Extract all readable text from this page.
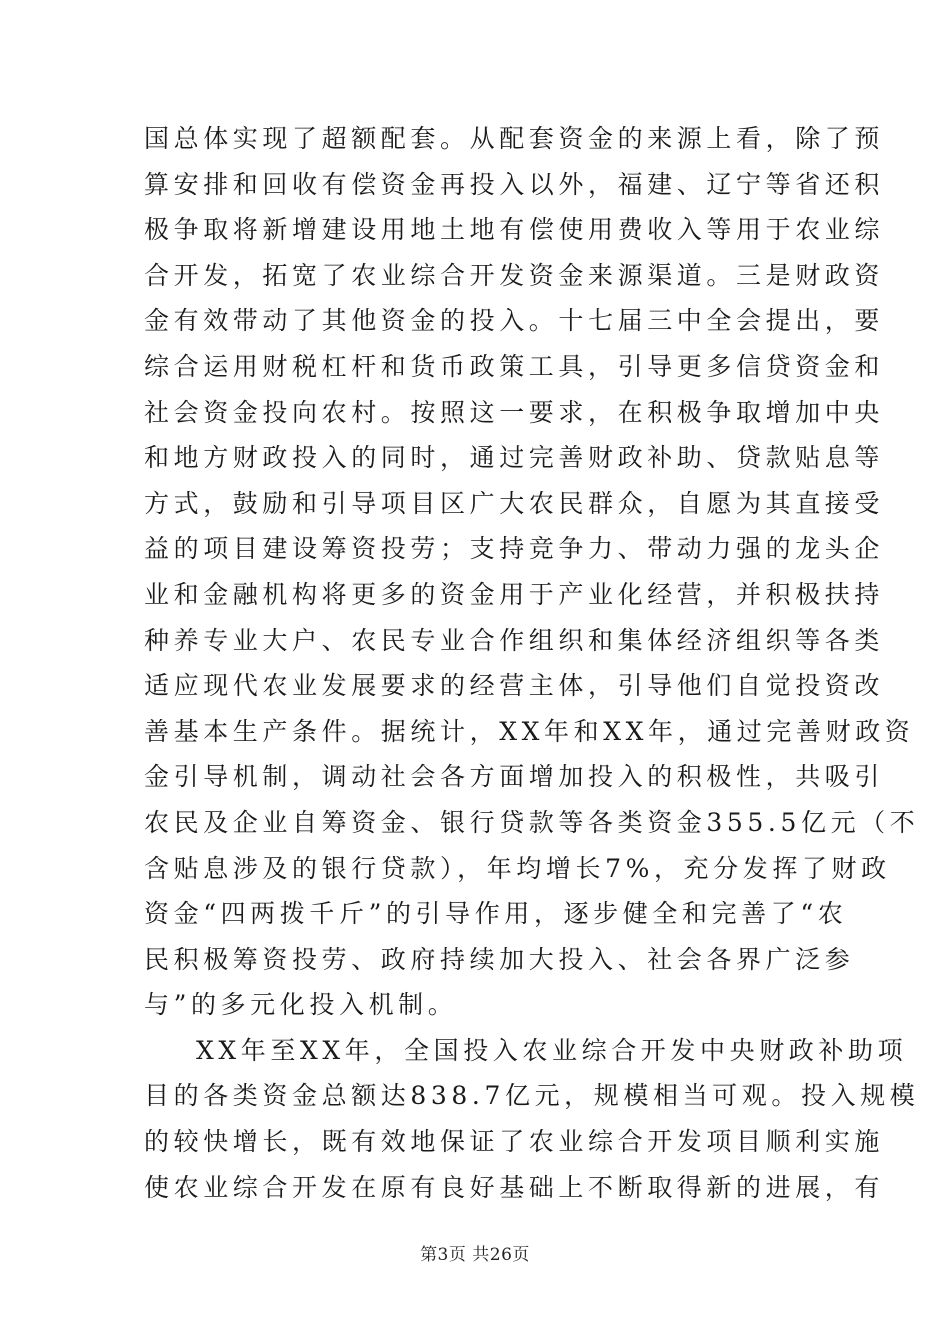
国总体实现了超额配套。从配套资金的来源上看，除了预
算安排和回收有偿资金再投入以外，福建、辽宁等省还积
极争取将新增建设用地土地有偿使用费收入等用于农业综
合开发，拓宽了农业综合开发资金来源渠道。三是财政资
金有效带动了其他资金的投入。十七届三中全会提出，要
综合运用财税杠杆和货币政策工具，引导更多信贷资金和
社会资金投向农村。按照这一要求，在积极争取增加中央
和地方财政投入的同时，通过完善财政补助、贷款贴息等
方式，鼓励和引导项目区广大农民群众，自愿为其直接受
益的项目建设筹资投劳；支持竞争力、带动力强的龙头企
业和金融机构将更多的资金用于产业化经营，并积极扶持
种养专业大户、农民专业合作组织和集体经济组织等各类
适应现代农业发展要求的经营主体，引导他们自觉投资改
善基本生产条件。据统计，XX年和XX年，通过完善财政资
金引导机制，调动社会各方面增加投入的积极性，共吸引
农民及企业自筹资金、银行贷款等各类资金355.5亿元（不
含贴息涉及的银行贷款），年均增长7%，充分发挥了财政
资金“四两拨千斤”的引导作用，逐步健全和完善了“农
民积极筹资投劳、政府持续加大投入、社会各界广泛参
与”的多元化投入机制。
XX年至XX年，全国投入农业综合开发中央财政补助项
目的各类资金总额达838.7亿元，规模相当可观。投入规模
的较快增长，既有效地保证了农业综合开发项目顺利实施
使农业综合开发在原有良好基础上不断取得新的进展，有
第3页 共26页
